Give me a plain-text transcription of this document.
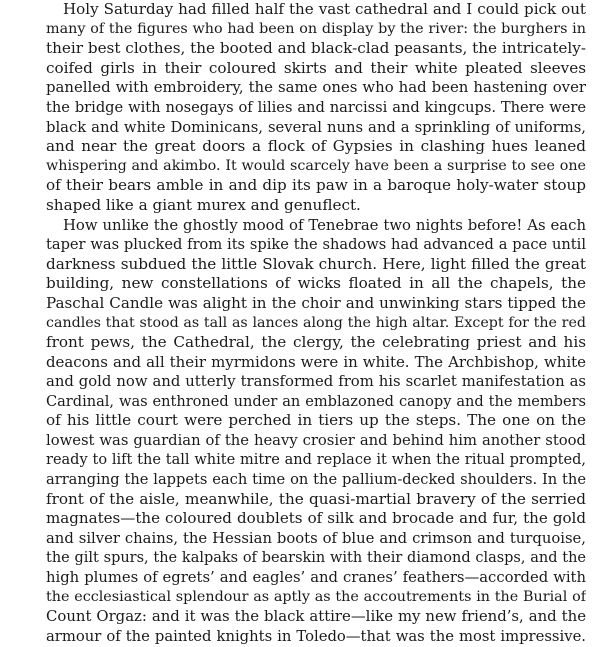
Holy Saturday had filled half the vast cathedral and I could pick out
many of the figures who had been on display by the river: the burghers in
their best clothes, the booted and black-clad peasants, the intricately-
coifed girls in their coloured skirts and their white pleated sleeves
panelled with embroidery, the same ones who had been hastening over
the bridge with nosegays of lilies and narcissi and kingcups. There were
black and white Dominicans, several nuns and a sprinkling of uniforms,
and near the great doors a flock of Gypsies in clashing hues leaned
whispering and akimbo. It would scarcely have been a surprise to see one
of their bears amble in and dip its paw in a baroque holy-water stoup
shaped like a giant murex and genuflect.
How unlike the ghostly mood of Tenebrae two nights before! As each
taper was plucked from its spike the shadows had advanced a pace until
darkness subdued the little Slovak church. Here, light filled the great
building, new constellations of wicks floated in all the chapels, the
Paschal Candle was alight in the choir and unwinking stars tipped the
candles that stood as tall as lances along the high altar. Except for the red
front pews, the Cathedral, the clergy, the celebrating priest and his
deacons and all their myrmidons were in white. The Archbishop, white
and gold now and utterly transformed from his scarlet manifestation as
Cardinal, was enthroned under an emblazoned canopy and the members
of his little court were perched in tiers up the steps. The one on the
lowest was guardian of the heavy crosier and behind him another stood
ready to lift the tall white mitre and replace it when the ritual prompted,
arranging the lappets each time on the pallium-decked shoulders. In the
front of the aisle, meanwhile, the quasi-martial bravery of the serried
magnates—the coloured doublets of silk and brocade and fur, the gold
and silver chains, the Hessian boots of blue and crimson and turquoise,
the gilt spurs, the kalpaks of bearskin with their diamond clasps, and the
high plumes of egrets’ and eagles’ and cranes’ feathers—accorded with
the ecclesiastical splendour as aptly as the accoutrements in the Burial of
Count Orgaz: and it was the black attire—like my new friend’s, and the
armour of the painted knights in Toledo—that was the most impressive.
